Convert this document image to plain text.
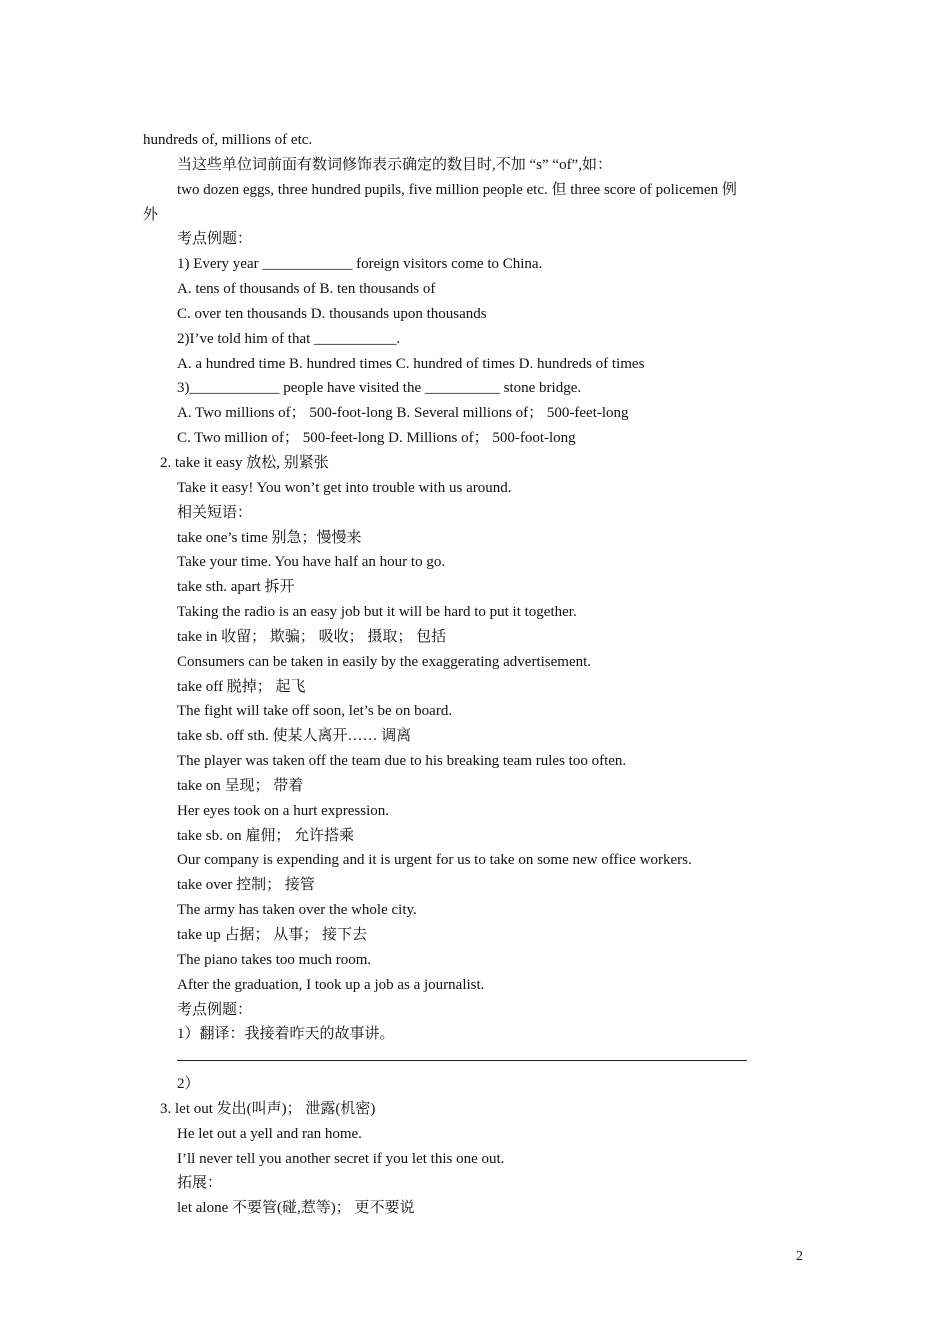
hundreds of, millions of etc.
当这些单位词前面有数词修饰表示确定的数目时,不加 “s” “of”,如：
two dozen eggs, three hundred pupils, five million people etc. 但 three score of policemen 例
外
考点例题：
1) Every year ____________ foreign visitors come to China.
A. tens of thousands of B. ten thousands of
C. over ten thousands D. thousands upon thousands
2)I’ve told him of that ___________.
A. a hundred time B. hundred times C. hundred of times D. hundreds of times
3)____________ people have visited the __________ stone bridge.
A. Two millions of； 500-foot-long B. Several millions of； 500-feet-long
C. Two million of； 500-feet-long D. Millions of； 500-foot-long
2. take it easy 放松, 别紧张
Take it easy! You won’t get into trouble with us around.
相关短语：
take one’s time 别急；慢慢来
Take your time. You have half an hour to go.
take sth. apart 拆开
Taking the radio is an easy job but it will be hard to put it together.
take in 收留； 欺骗； 吸收； 摄取； 包括
Consumers can be taken in easily by the exaggerating advertisement.
take off 脱掉； 起飞
The fight will take off soon, let’s be on board.
take sb. off sth. 使某人离开…… 调离
The player was taken off the team due to his breaking team rules too often.
take on 呈现； 带着
Her eyes took on a hurt expression.
take sb. on 雇佣； 允许搭乘
Our company is expending and it is urgent for us to take on some new office workers.
take over 控制； 接管
The army has taken over the whole city.
take up 占据； 从事； 接下去
The piano takes too much room.
After the graduation, I took up a job as a journalist.
考点例题：
1）翻译：我接着昨天的故事讲。
2）
3. let out 发出(叫声)； 泄露(机密)
He let out a yell and ran home.
I’ll never tell you another secret if you let this one out.
拓展：
let alone 不要管(碰,惹等)； 更不要说
2
